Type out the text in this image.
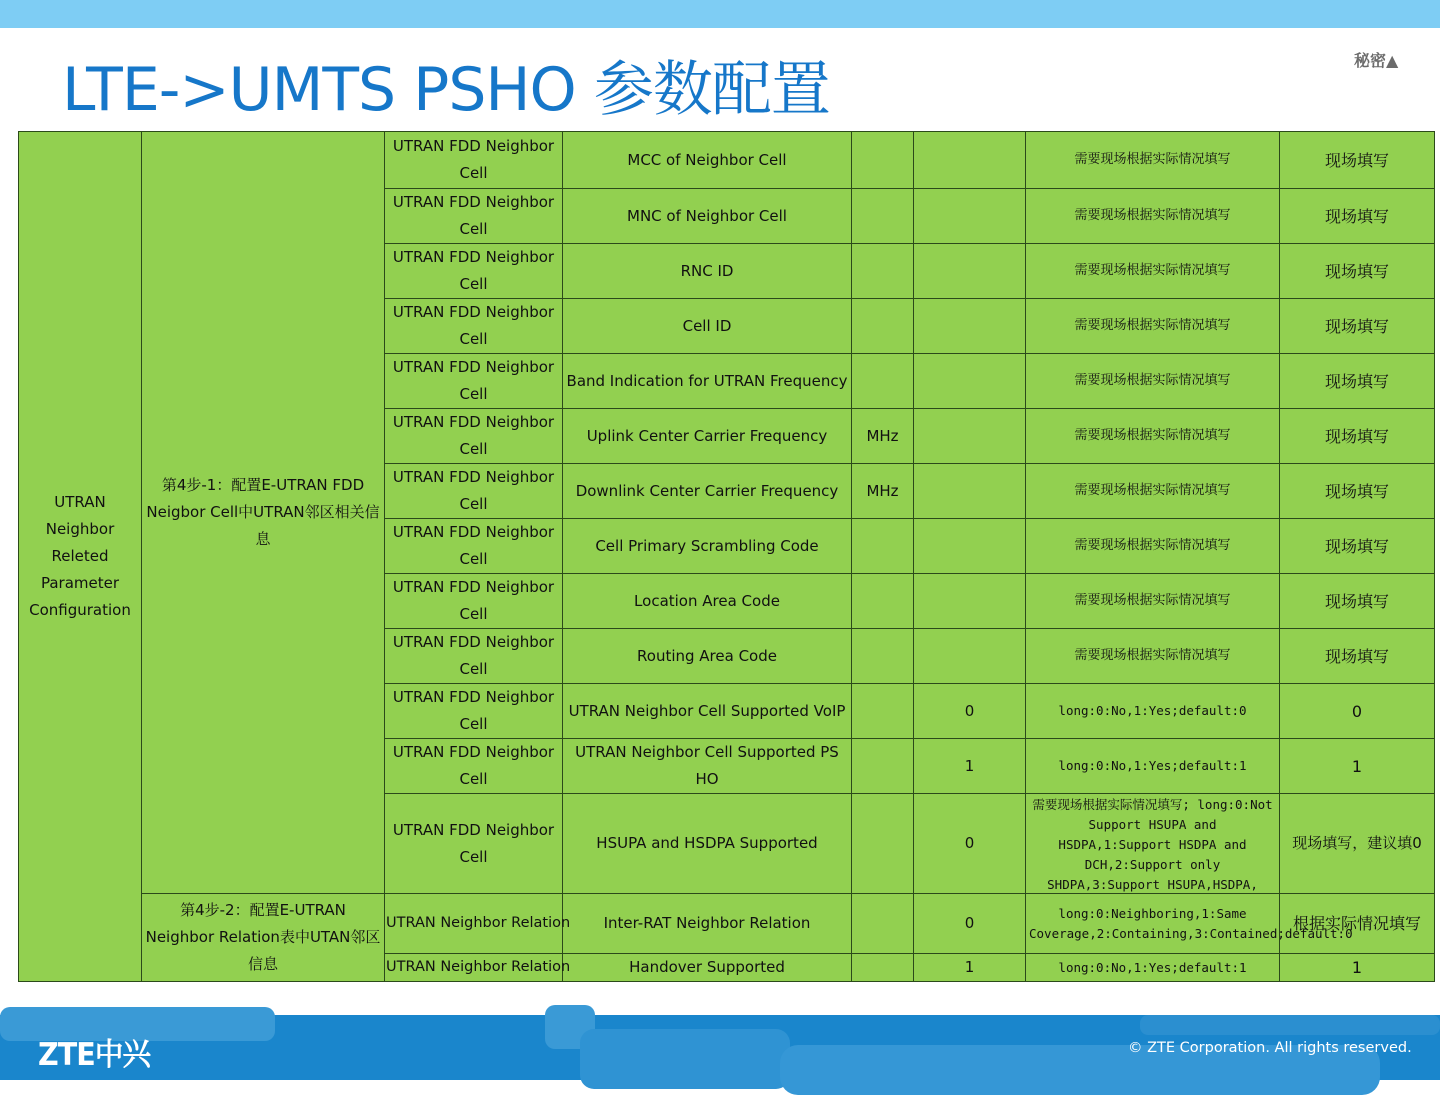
LTE->UMTS PSHO 参数配置	秘密▲
UTRAN Neighbor Releted Parameter Configuration	第4步-1：配置E-UTRAN FDD Neigbor Cell中UTRAN邻区相关信息	UTRAN FDD Neighbor Cell	MCC of Neighbor Cell			需要现场根据实际情况填写	现场填写
		UTRAN FDD Neighbor Cell	MNC of Neighbor Cell			需要现场根据实际情况填写	现场填写
		UTRAN FDD Neighbor Cell	RNC ID			需要现场根据实际情况填写	现场填写
		UTRAN FDD Neighbor Cell	Cell ID			需要现场根据实际情况填写	现场填写
		UTRAN FDD Neighbor Cell	Band Indication for UTRAN Frequency			需要现场根据实际情况填写	现场填写
		UTRAN FDD Neighbor Cell	Uplink Center Carrier Frequency	MHz		需要现场根据实际情况填写	现场填写
		UTRAN FDD Neighbor Cell	Downlink Center Carrier Frequency	MHz		需要现场根据实际情况填写	现场填写
		UTRAN FDD Neighbor Cell	Cell Primary Scrambling Code			需要现场根据实际情况填写	现场填写
		UTRAN FDD Neighbor Cell	Location Area Code			需要现场根据实际情况填写	现场填写
		UTRAN FDD Neighbor Cell	Routing Area Code			需要现场根据实际情况填写	现场填写
		UTRAN FDD Neighbor Cell	UTRAN Neighbor Cell Supported VoIP		0	long:0:No,1:Yes;default:0	0
		UTRAN FDD Neighbor Cell	UTRAN Neighbor Cell Supported PS HO		1	long:0:No,1:Yes;default:1	1
		UTRAN FDD Neighbor Cell	HSUPA and HSDPA Supported		0	需要现场根据实际情况填写; long:0:Not Support HSUPA and HSDPA,1:Support HSDPA and DCH,2:Support only SHDPA,3:Support HSUPA,HSDPA,	现场填写，建议填0
	第4步-2：配置E-UTRAN Neighbor Relation表中UTAN邻区信息	UTRAN Neighbor Relation	Inter-RAT Neighbor Relation		0	long:0:Neighboring,1:Same Coverage,2:Containing,3:Contained;default:0	根据实际情况填写
		UTRAN Neighbor Relation	Handover Supported		1	long:0:No,1:Yes;default:1	1
ZTE中兴	© ZTE Corporation. All rights reserved.
